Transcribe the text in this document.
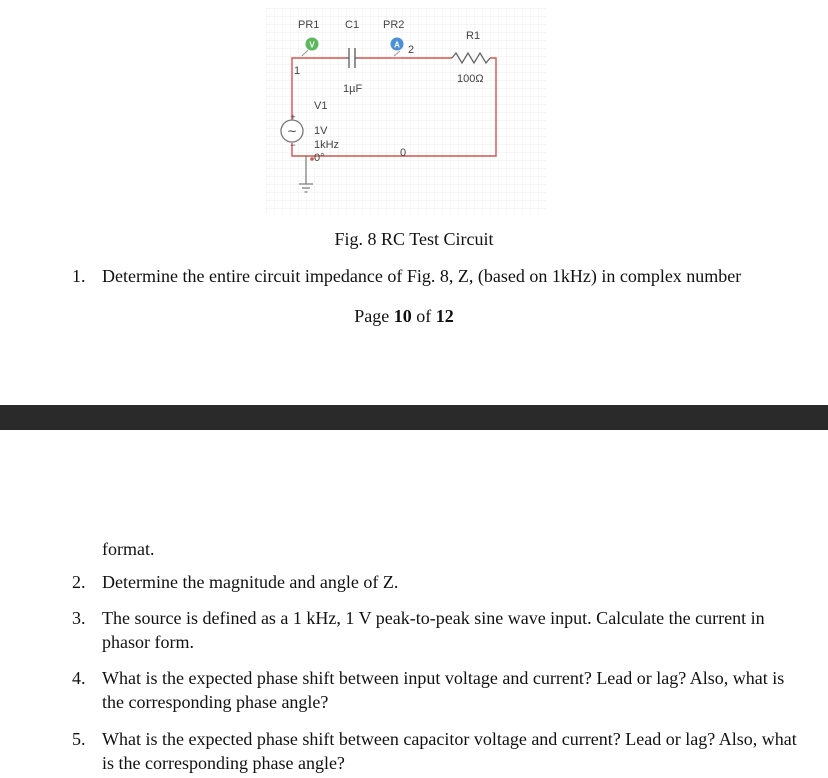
∼
+
−
V	A
PR1 C1 PR2
2
1
1µF
R1
100Ω
V1
1V
1kHz
0°	0
Fig. 8 RC Test Circuit
1. Determine the entire circuit impedance of Fig. 8, Z, (based on 1kHz) in complex number
Page 10 of 12
format.
2. Determine the magnitude and angle of Z.
3. The source is defined as a 1 kHz, 1 V peak-to-peak sine wave input. Calculate the current in phasor form.
4. What is the expected phase shift between input voltage and current? Lead or lag? Also, what is the corresponding phase angle?
5. What is the expected phase shift between capacitor voltage and current? Lead or lag? Also, what is the corresponding phase angle?
